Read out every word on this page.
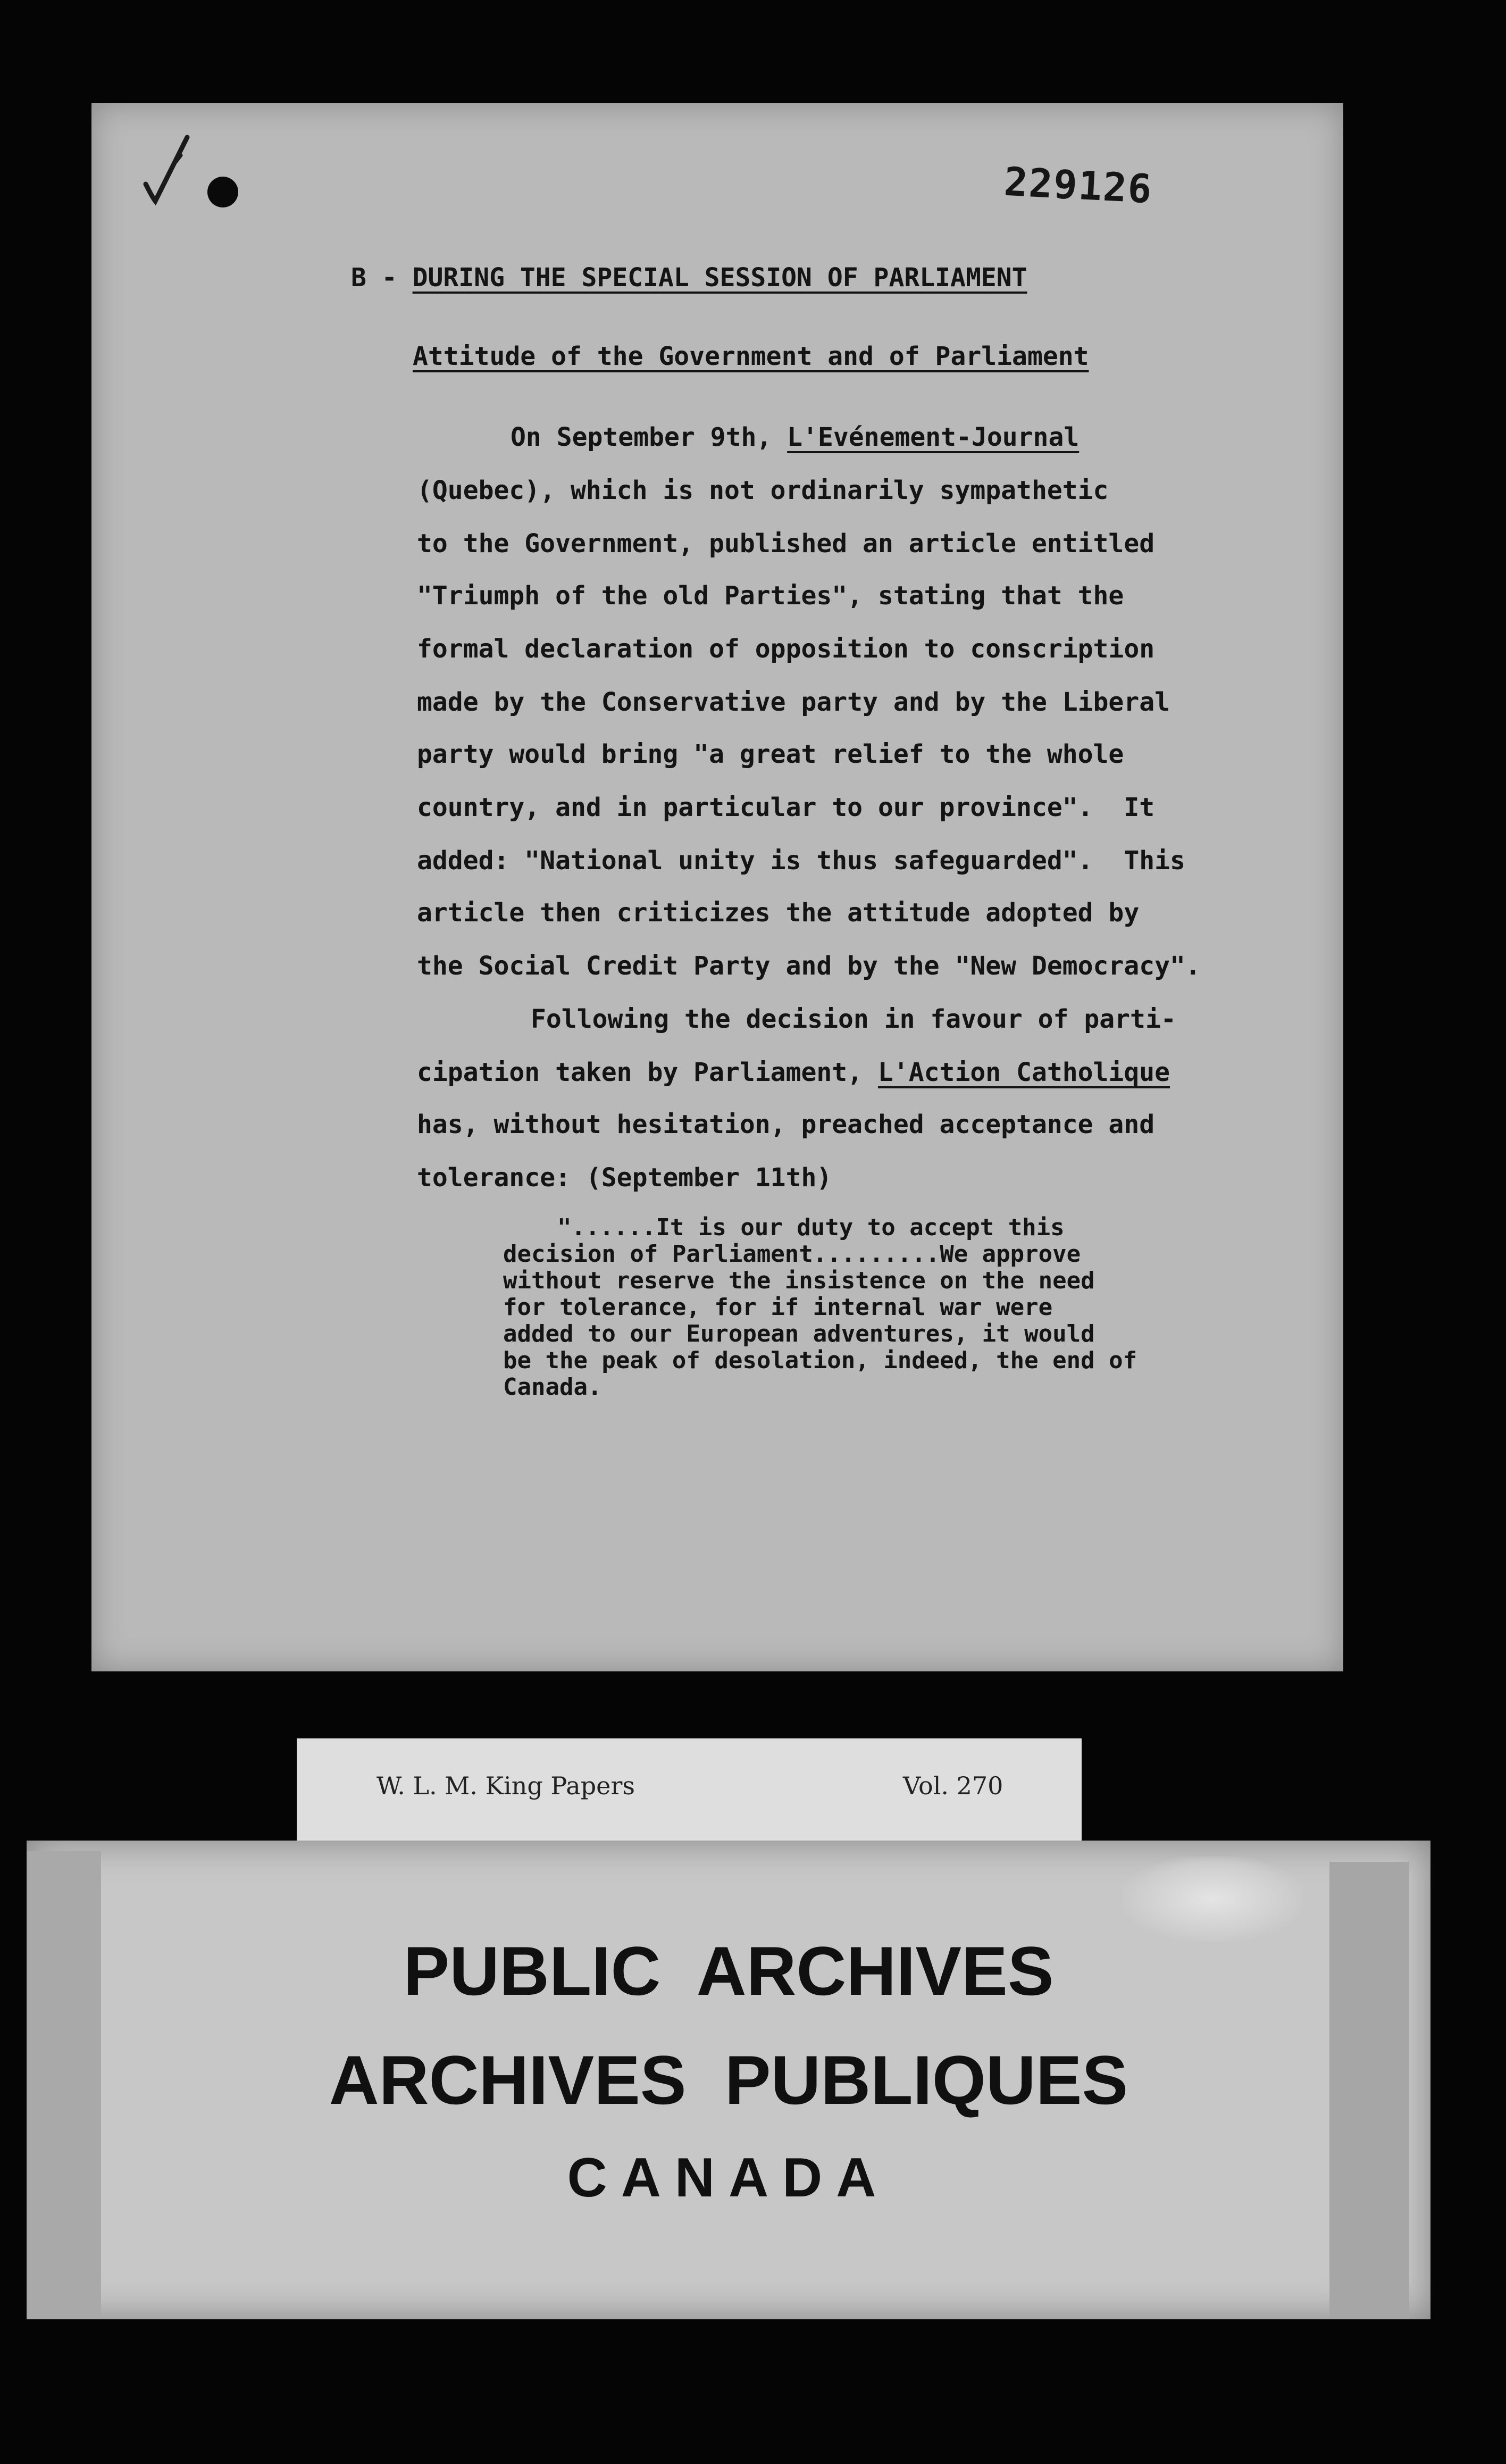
229126
B - DURING THE SPECIAL SESSION OF PARLIAMENT
Attitude of the Government and of Parliament
On September 9th, L'Evénement-Journal
(Quebec), which is not ordinarily sympathetic
to the Government, published an article entitled
"Triumph of the old Parties", stating that the
formal declaration of opposition to conscription
made by the Conservative party and by the Liberal
party would bring "a great relief to the whole
country, and in particular to our province".  It
added: "National unity is thus safeguarded".  This
article then criticizes the attitude adopted by
the Social Credit Party and by the "New Democracy".
Following the decision in favour of parti-
cipation taken by Parliament, L'Action Catholique
has, without hesitation, preached acceptance and
tolerance: (September 11th)
"......It is our duty to accept this
decision of Parliament.........We approve
without reserve the insistence on the need
for tolerance, for if internal war were
added to our European adventures, it would
be the peak of desolation, indeed, the end of
Canada.
W. L. M. King Papers	Vol. 270
PUBLIC  ARCHIVES
ARCHIVES  PUBLIQUES
CANADA
